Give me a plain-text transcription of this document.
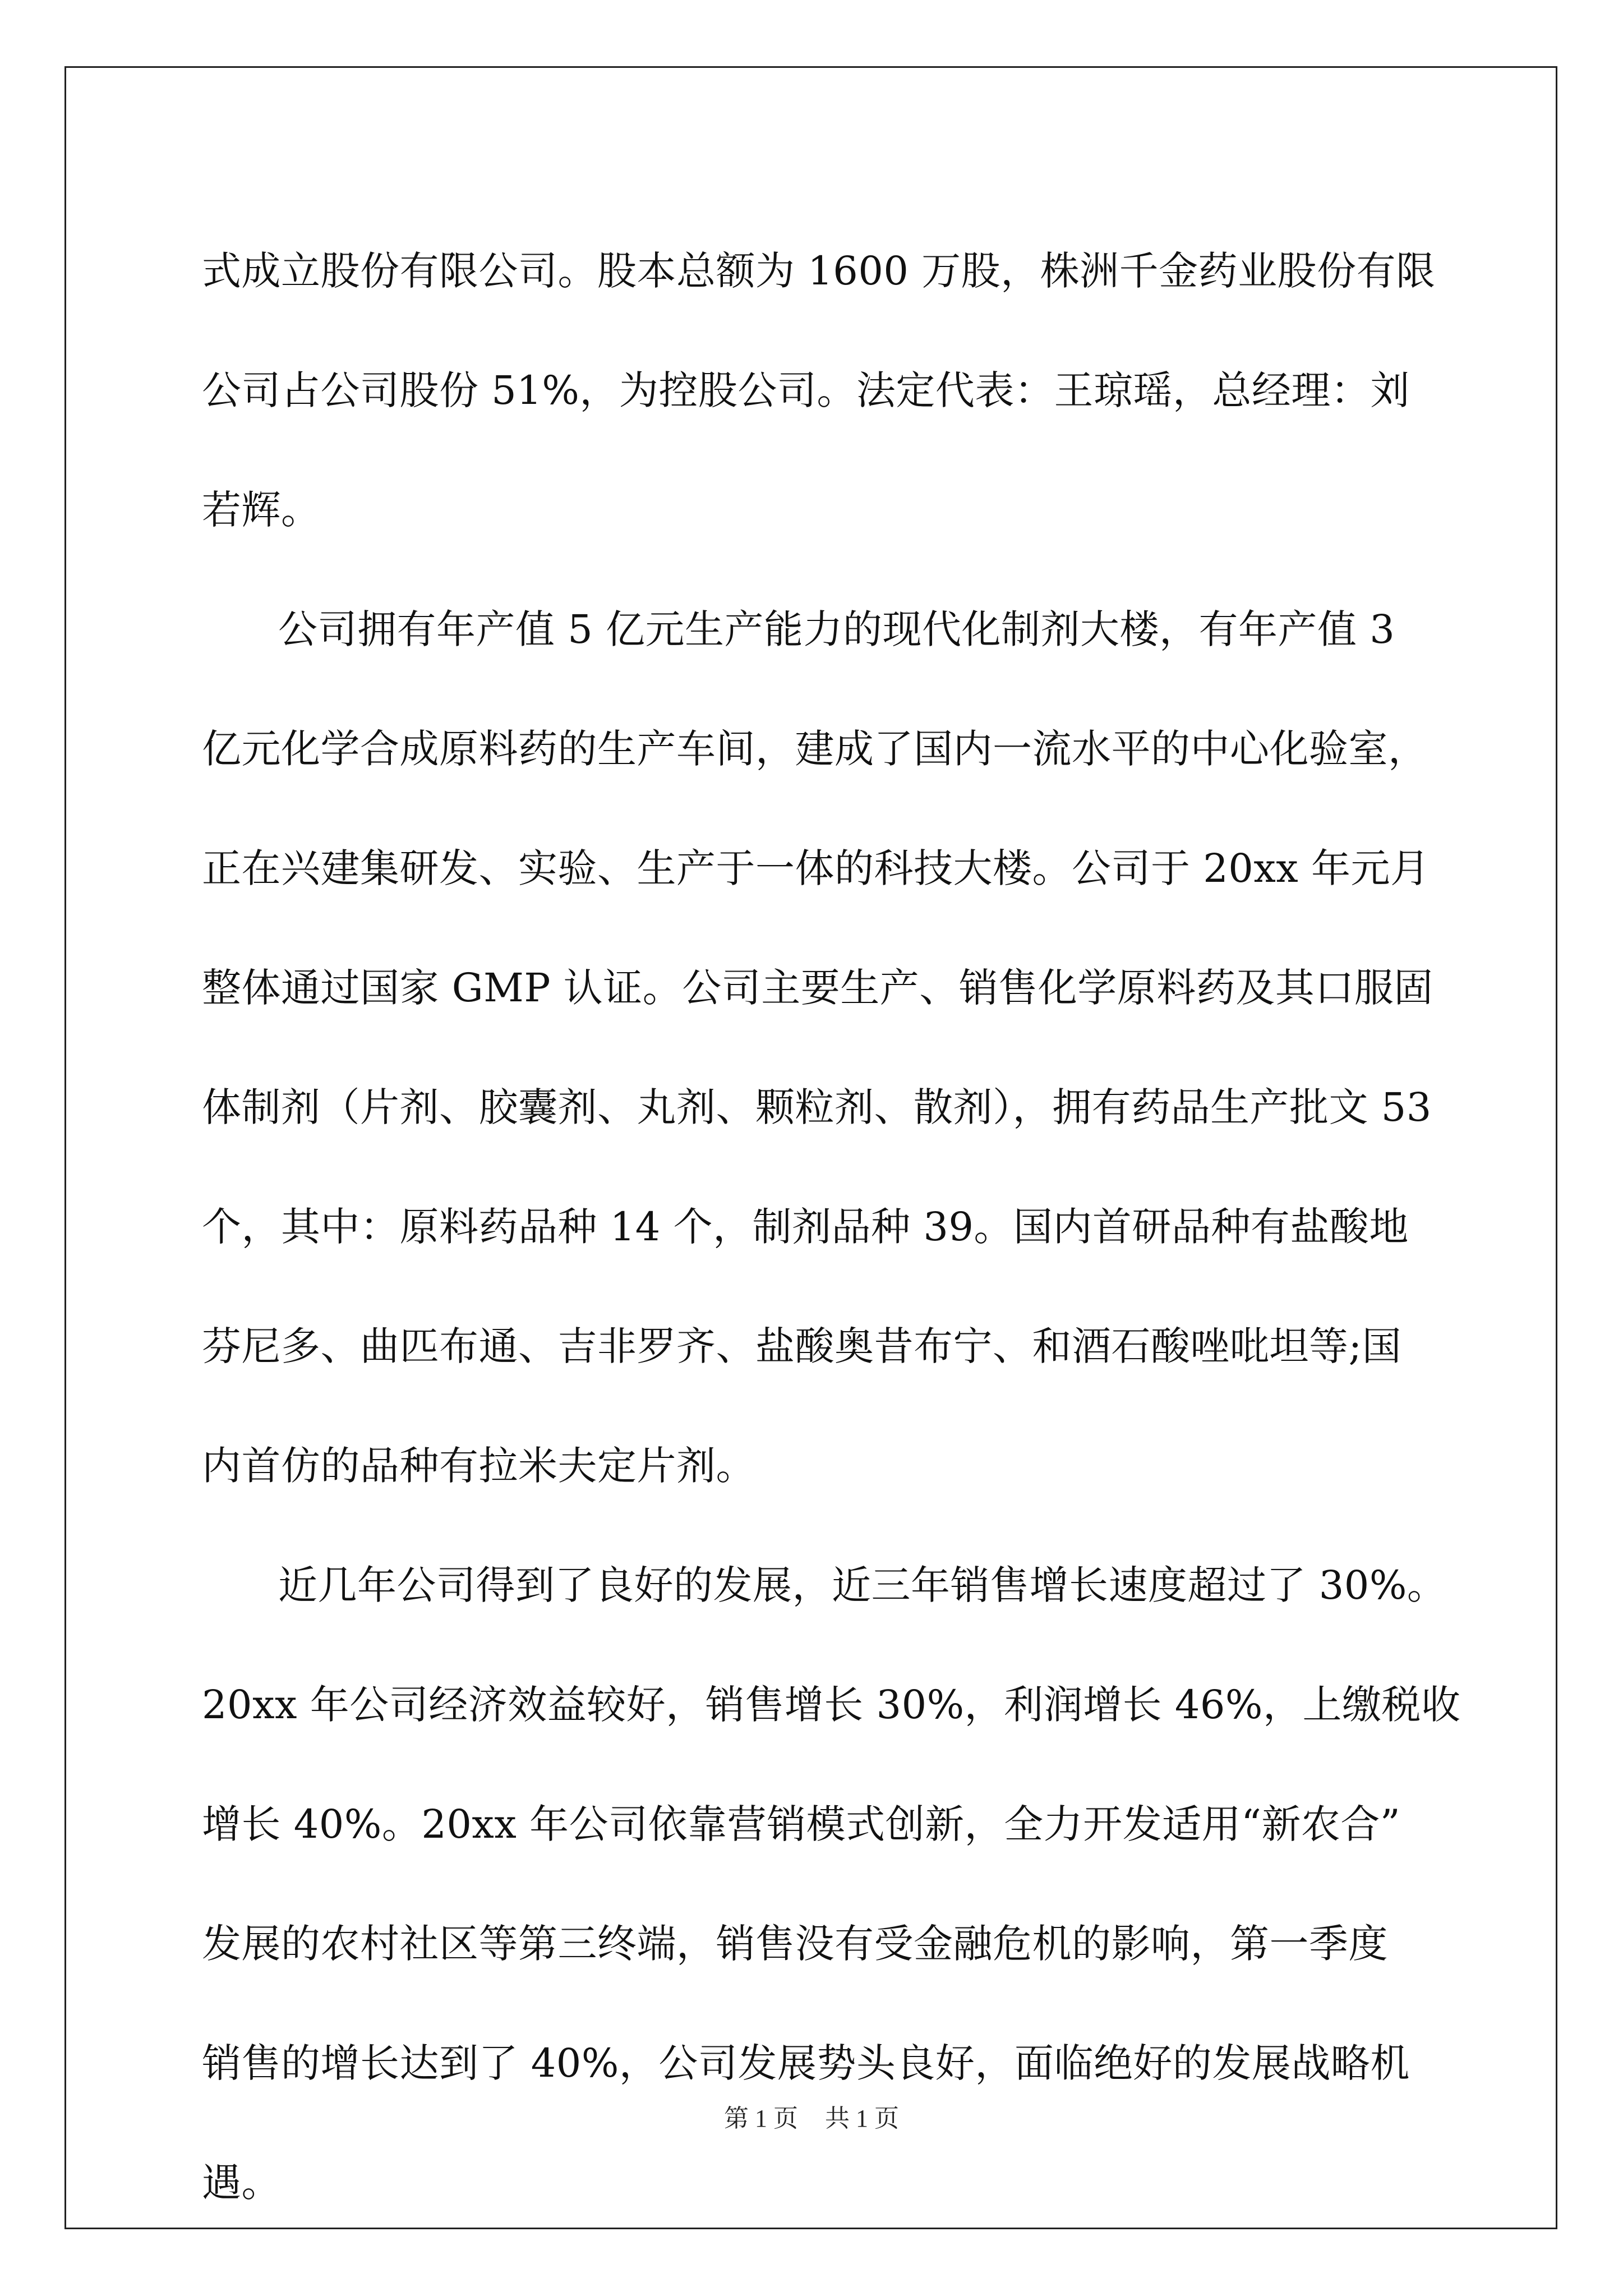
式成立股份有限公司。股本总额为 1600 万股，株洲千金药业股份有限
公司占公司股份 51%，为控股公司。法定代表：王琼瑶，总经理：刘
若辉。
公司拥有年产值 5 亿元生产能力的现代化制剂大楼，有年产值 3
亿元化学合成原料药的生产车间，建成了国内一流水平的中心化验室，
正在兴建集研发、实验、生产于一体的科技大楼。公司于 20xx 年元月
整体通过国家 GMP 认证。公司主要生产、销售化学原料药及其口服固
体制剂（片剂、胶囊剂、丸剂、颗粒剂、散剂），拥有药品生产批文 53
个，其中：原料药品种 14 个，制剂品种 39。国内首研品种有盐酸地
芬尼多、曲匹布通、吉非罗齐、盐酸奥昔布宁、和酒石酸唑吡坦等;国
内首仿的品种有拉米夫定片剂。
近几年公司得到了良好的发展，近三年销售增长速度超过了 30%。
20xx 年公司经济效益较好，销售增长 30%，利润增长 46%，上缴税收
增长 40%。20xx 年公司依靠营销模式创新，全力开发适用“新农合”
发展的农村社区等第三终端，销售没有受金融危机的影响，第一季度
销售的增长达到了 40%，公司发展势头良好，面临绝好的发展战略机
遇。
第 1 页 共 1 页
